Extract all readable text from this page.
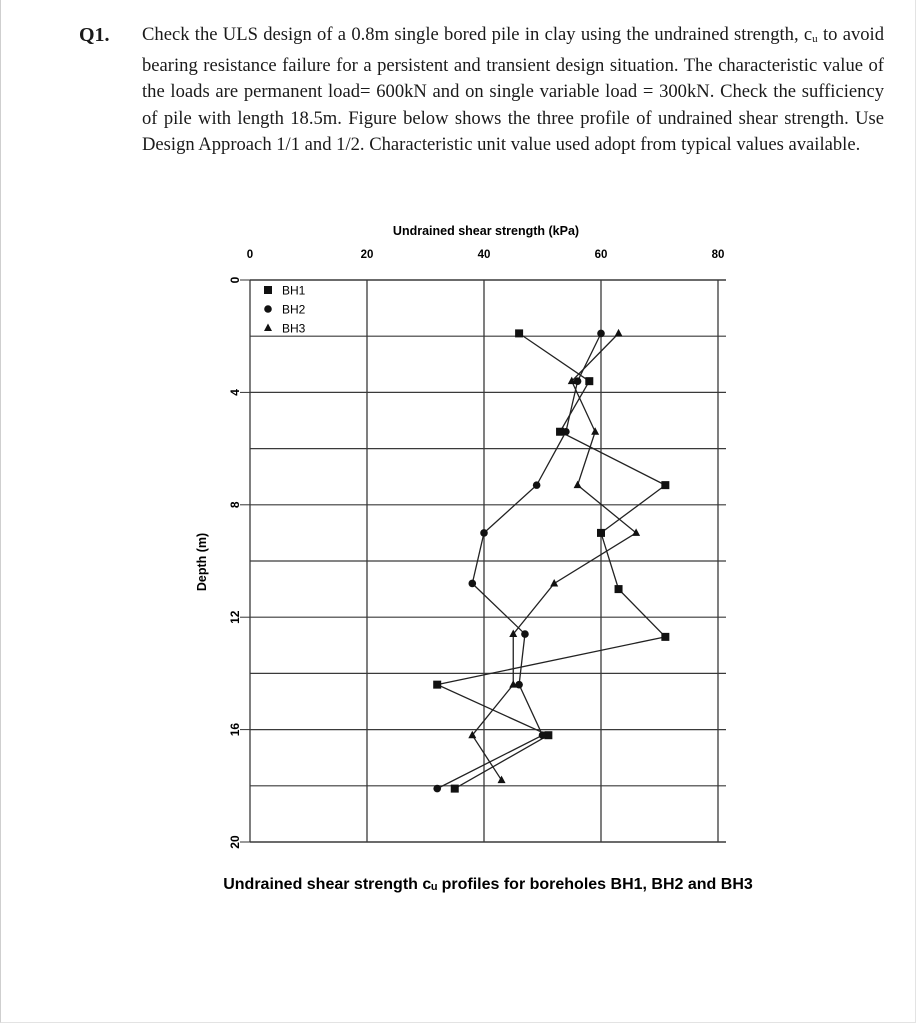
Q1. Check the ULS design of a 0.8m single bored pile in clay using the undrained strength, cu to avoid bearing resistance failure for a persistent and transient design situation. The characteristic value of the loads are permanent load= 600kN and on single variable load = 300kN. Check the sufficiency of pile with length 18.5m. Figure below shows the three profile of undrained shear strength. Use Design Approach 1/1 and 1/2. Characteristic unit value used adopt from typical values available.

0
4
8
12
16
20
0	20	40	60	80
BH1
BH2
BH3
Undrained shear strength (kPa)
Depth (m)
Undrained shear strength cᵤ profiles for boreholes BH1, BH2 and BH3
